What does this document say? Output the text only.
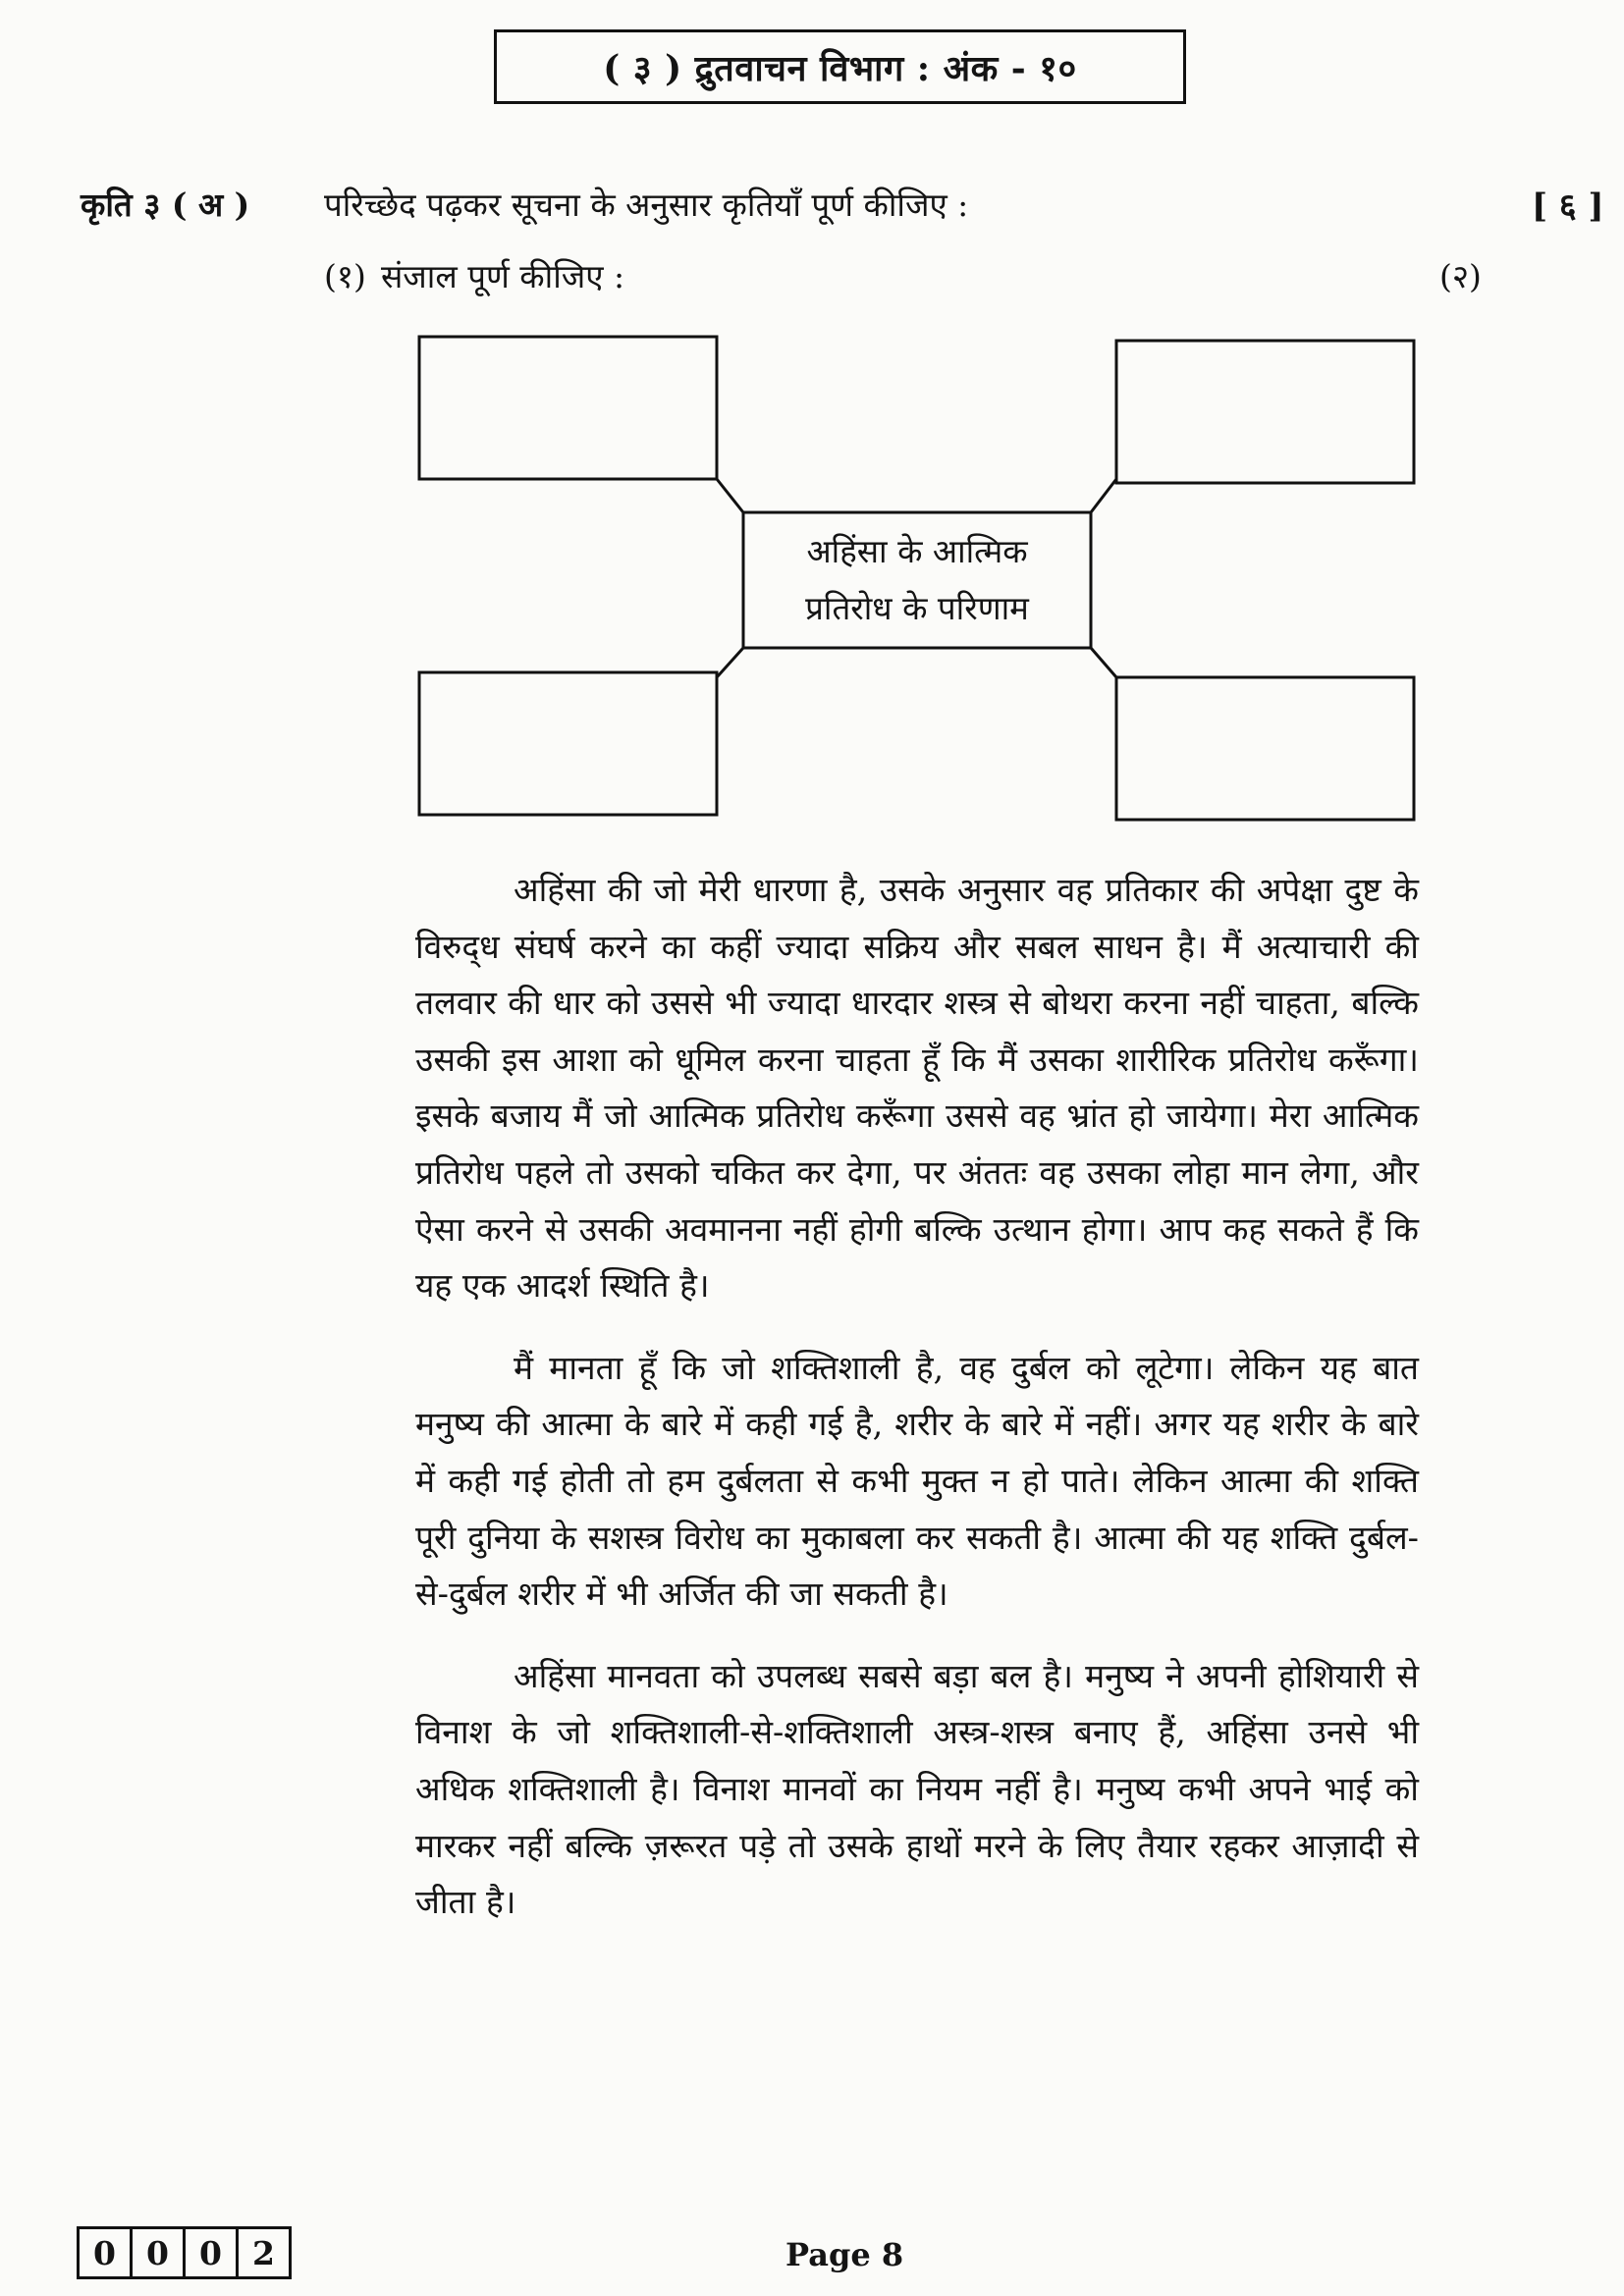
( ३ ) द्रुतवाचन विभाग : अंक - १०
कृति ३ ( अ ) परिच्छेद पढ़कर सूचना के अनुसार कृतियाँ पूर्ण कीजिए :	[ ६ ]
(१) संजाल पूर्ण कीजिए :	(२)
अहिंसा के आत्मिक
प्रतिरोध के परिणाम

अहिंसा की जो मेरी धारणा है, उसके अनुसार वह प्रतिकार की अपेक्षा दुष्ट के विरुद्‌ध संघर्ष करने का कहीं ज्यादा सक्रिय और सबल साधन है। मैं अत्याचारी की तलवार की धार को उससे भी ज्यादा धारदार शस्त्र से बोथरा करना नहीं चाहता, बल्कि उसकी इस आशा को धूमिल करना चाहता हूँ कि मैं उसका शारीरिक प्रतिरोध करूँगा। इसके बजाय मैं जो आत्मिक प्रतिरोध करूँगा उससे वह भ्रांत हो जायेगा। मेरा आत्मिक प्रतिरोध पहले तो उसको चकित कर देगा, पर अंततः वह उसका लोहा मान लेगा, और ऐसा करने से उसकी अवमानना नहीं होगी बल्कि उत्थान होगा। आप कह सकते हैं कि यह एक आदर्श स्थिति है।

मैं मानता हूँ कि जो शक्तिशाली है, वह दुर्बल को लूटेगा। लेकिन यह बात मनुष्य की आत्मा के बारे में कही गई है, शरीर के बारे में नहीं। अगर यह शरीर के बारे में कही गई होती तो हम दुर्बलता से कभी मुक्त न हो पाते। लेकिन आत्मा की शक्ति पूरी दुनिया के सशस्त्र विरोध का मुकाबला कर सकती है। आत्मा की यह शक्ति दुर्बल-से-दुर्बल शरीर में भी अर्जित की जा सकती है।

अहिंसा मानवता को उपलब्ध सबसे बड़ा बल है। मनुष्य ने अपनी होशियारी से विनाश के जो शक्तिशाली-से-शक्तिशाली अस्त्र-शस्त्र बनाए हैं, अहिंसा उनसे भी अधिक शक्तिशाली है। विनाश मानवों का नियम नहीं है। मनुष्य कभी अपने भाई को मारकर नहीं बल्कि ज़रूरत पड़े तो उसके हाथों मरने के लिए तैयार रहकर आज़ादी से जीता है।

0 0 0 2	Page 8
